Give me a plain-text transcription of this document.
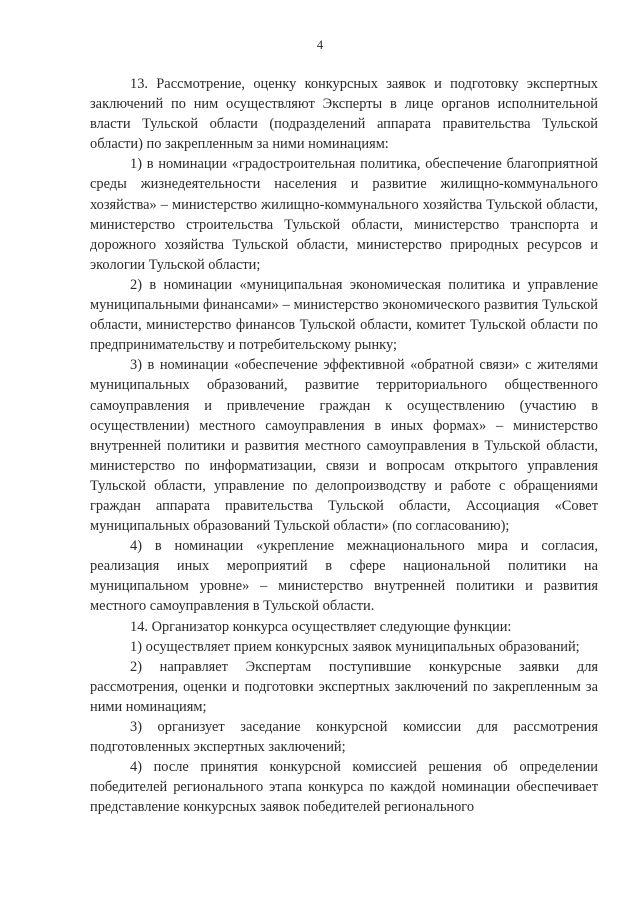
4

13. Рассмотрение, оценку конкурсных заявок и подготовку экспертных заключений по ним осуществляют Эксперты в лице органов исполнительной власти Тульской области (подразделений аппарата правительства Тульской области) по закрепленным за ними номинациям:

1) в номинации «градостроительная политика, обеспечение благоприятной среды жизнедеятельности населения и развитие жилищно-коммунального хозяйства» – министерство жилищно-коммунального хозяйства Тульской области, министерство строительства Тульской области, министерство транспорта и дорожного хозяйства Тульской области, министерство природных ресурсов и экологии Тульской области;

2) в номинации «муниципальная экономическая политика и управление муниципальными финансами» – министерство экономического развития Тульской области, министерство финансов Тульской области, комитет Тульской области по предпринимательству и потребительскому рынку;

3) в номинации «обеспечение эффективной «обратной связи» с жителями муниципальных образований, развитие территориального общественного самоуправления и привлечение граждан к осуществлению (участию в осуществлении) местного самоуправления в иных формах» – министерство внутренней политики и развития местного самоуправления в Тульской области, министерство по информатизации, связи и вопросам открытого управления Тульской области, управление по делопроизводству и работе с обращениями граждан аппарата правительства Тульской области, Ассоциация «Совет муниципальных образований Тульской области» (по согласованию);

4) в номинации «укрепление межнационального мира и согласия, реализация иных мероприятий в сфере национальной политики на муниципальном уровне» – министерство внутренней политики и развития местного самоуправления в Тульской области.

14. Организатор конкурса осуществляет следующие функции:

1) осуществляет прием конкурсных заявок муниципальных образований;

2) направляет Экспертам поступившие конкурсные заявки для рассмотрения, оценки и подготовки экспертных заключений по закрепленным за ними номинациям;

3) организует заседание конкурсной комиссии для рассмотрения подготовленных экспертных заключений;

4) после принятия конкурсной комиссией решения об определении победителей регионального этапа конкурса по каждой номинации обеспечивает представление конкурсных заявок победителей регионального
